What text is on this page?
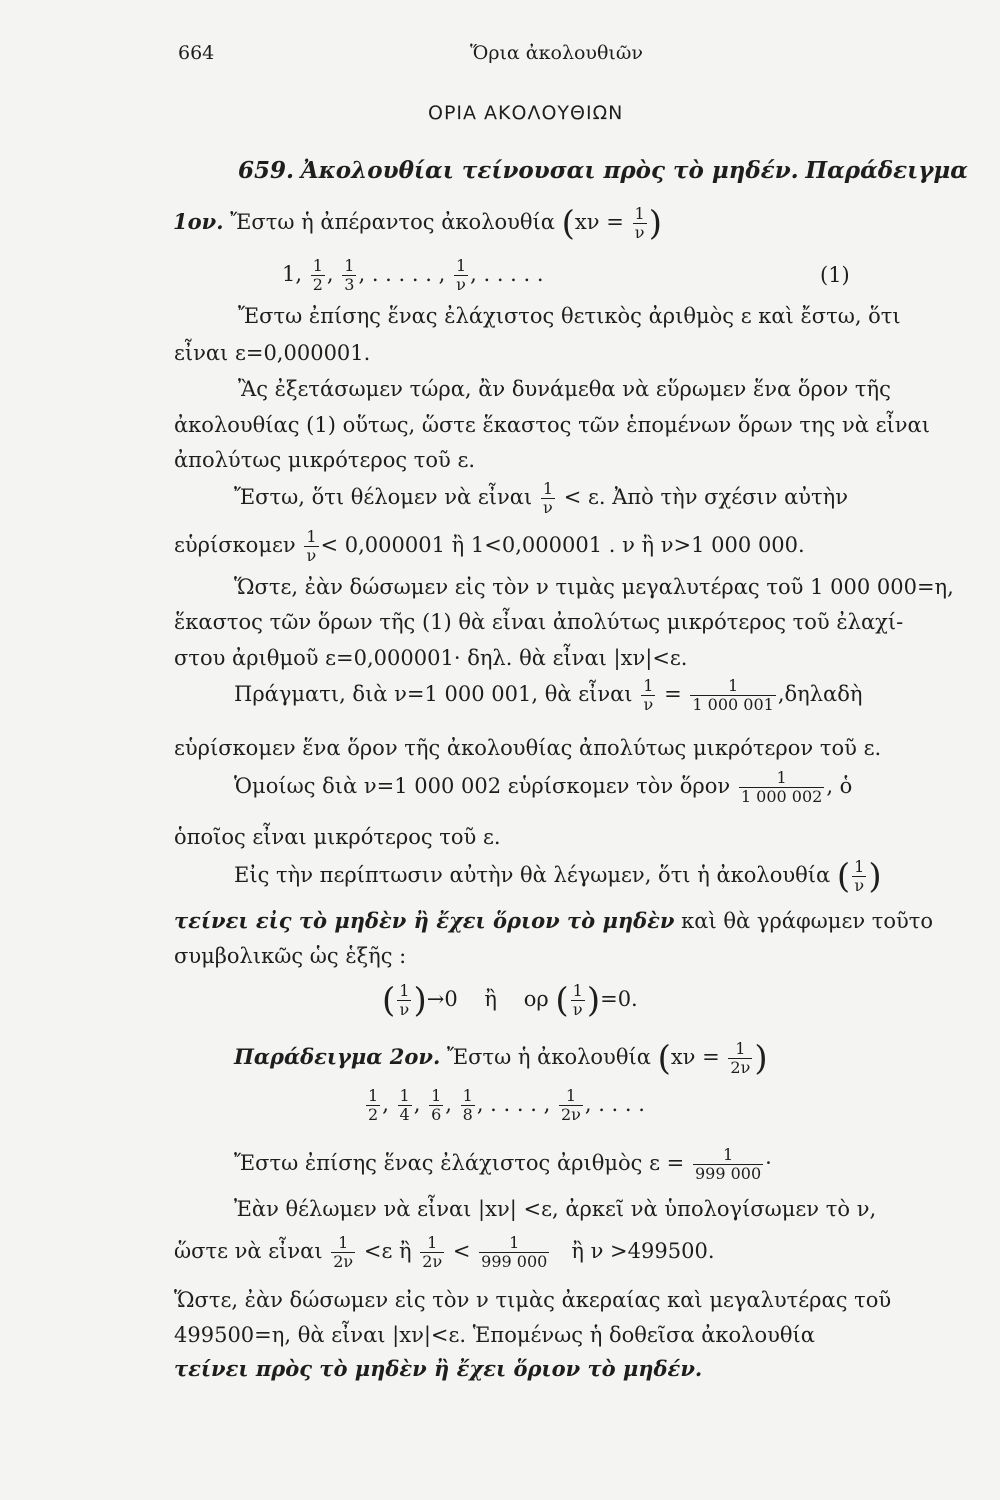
664	Ὅρια ἀκολουθιῶν
ΟΡΙΑ ΑΚΟΛΟΥΘΙΩΝ
659. Ἀκολουθίαι τείνουσαι πρὸς τὸ μηδέν. Παράδειγμα
1ον. Ἔστω ἡ ἀπέραντος ἀκολουθία ($x\nu = \frac{1}{\nu}$ )
1, $\frac{1}{2}$ , $\frac{1}{3}$ , . . . . . , $\frac{1}{\nu}$ , . . . . .	(1)
Ἔστω ἐπίσης ἕνας ἐλάχιστος θετικὸς ἀριθμὸς ε καὶ ἔστω, ὅτι
εἶναι ε=0,000001.
Ἂς ἐξετάσωμεν τώρα, ἂν δυνάμεθα νὰ εὕρωμεν ἕνα ὅρον τῆς
ἀκολουθίας (1) οὕτως, ὥστε ἕκαστος τῶν ἑπομένων ὅρων της νὰ εἶναι
ἀπολύτως μικρότερος τοῦ ε.
Ἔστω, ὅτι θέλομεν νὰ εἶναι $\frac{1}{\nu} < \varepsilon$. Ἀπὸ τὴν σχέσιν αὐτὴν
εὑρίσκομεν $\frac{1}{\nu} < 0,000001$ ἢ 1<0,000001 . ν ἢ ν>1 000 000.
Ὥστε, ἐὰν δώσωμεν εἰς τὸν ν τιμὰς μεγαλυτέρας τοῦ 1 000 000=η,
ἕκαστος τῶν ὅρων τῆς (1) θὰ εἶναι ἀπολύτως μικρότερος τοῦ ἐλαχί-
στου ἀριθμοῦ ε=0,000001· δηλ. θὰ εἶναι |xν|<ε.
Πράγματι, διὰ ν=1 000 001, θὰ εἶναι $\frac{1}{\nu} = \frac{1}{1 000 001}$ ,δηλαδὴ
εὑρίσκομεν ἕνα ὅρον τῆς ἀκολουθίας ἀπολύτως μικρότερον τοῦ ε.
Ὁμοίως διὰ ν=1 000 002 εὑρίσκομεν τὸν ὅρον $\frac{1}{1 000 002}$ , ὁ
ὁποῖος εἶναι μικρότερος τοῦ ε.
Εἰς τὴν περίπτωσιν αὐτὴν θὰ λέγωμεν, ὅτι ἡ ἀκολουθία ( $\frac{1}{\nu}$ )
τείνει εἰς τὸ μηδὲν ἢ ἔχει ὅριον τὸ μηδὲν καὶ θὰ γράφωμεν τοῦτο
συμβολικῶς ὡς ἑξῆς :
( $\frac{1}{\nu} )\to 0$ ἢ ορ ( $\frac{1}{\nu} )=0$.
Παράδειγμα 2ον. Ἔστω ἡ ἀκολουθία ($x\nu = \frac{1}{2\nu}$ )
$\frac{1}{2}$ , $\frac{1}{4}$ , $\frac{1}{6}$ , $\frac{1}{8}$ , . . . . , $\frac{1}{2\nu}$ , . . . .
Ἔστω ἐπίσης ἕνας ἐλάχιστος ἀριθμὸς $\varepsilon = \frac{1}{999 000}$ ·
Ἐὰν θέλωμεν νὰ εἶναι |xν| <ε, ἀρκεῖ νὰ ὑπολογίσωμεν τὸ ν,
ὥστε νὰ εἶναι $\frac{1}{2\nu} <\varepsilon$ ἢ $\frac{1}{2\nu} < \frac{1}{999 000}$ ἢ ν >499500.
Ὥστε, ἐὰν δώσωμεν εἰς τὸν ν τιμὰς ἀκεραίας καὶ μεγαλυτέρας τοῦ
499500=η, θὰ εἶναι |xν|<ε. Ἑπομένως ἡ δοθεῖσα ἀκολουθία
τείνει πρὸς τὸ μηδὲν ἢ ἔχει ὅριον τὸ μηδέν.
